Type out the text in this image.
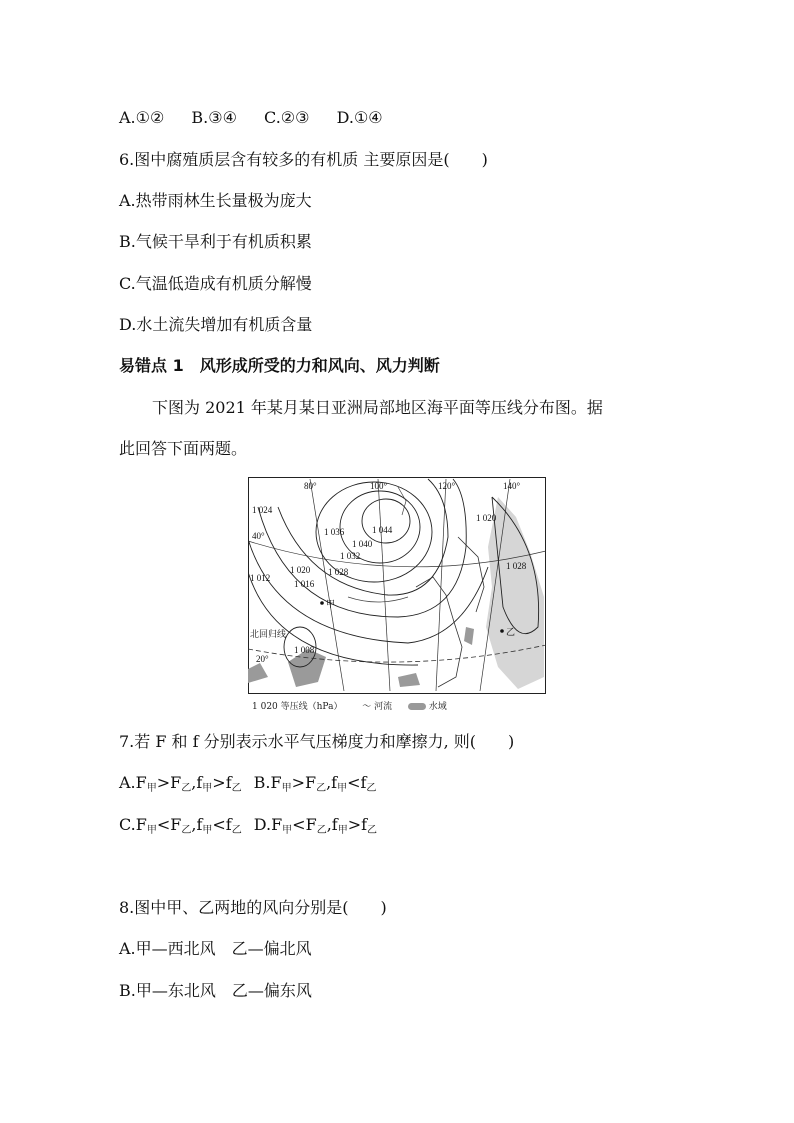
A.①② B.③④ C.②③ D.①④
6.图中腐殖质层含有较多的有机质 主要原因是(　　)
A.热带雨林生长量极为庞大
B.气候干旱利于有机质积累
C.气温低造成有机质分解慢
D.水土流失增加有机质含量
易错点 1　风形成所受的力和风向、风力判断
下图为 2021 年某月某日亚洲局部地区海平面等压线分布图。据
此回答下面两题。
80°	100°	120°	140°
40°
20°
1 044
1 040
1 036
1 032
1 028
1 024
1 020
1 016
1 012
1 008
1 020
1 028
北回归线
甲
乙
1 020 等压线（hPa） 〜 河流	水域
7.若 F 和 f 分别表示水平气压梯度力和摩擦力, 则(　　)
$A.F_甲>F_乙,f_甲>f_乙$ $B.F_甲>F_乙,f_甲<f_乙$
$C.F_甲<F_乙,f_甲<f_乙$ $D.F_甲<F_乙,f_甲>f_乙$
8.图中甲、乙两地的风向分别是(　　)
A.甲—西北风　乙—偏北风
B.甲—东北风　乙—偏东风
